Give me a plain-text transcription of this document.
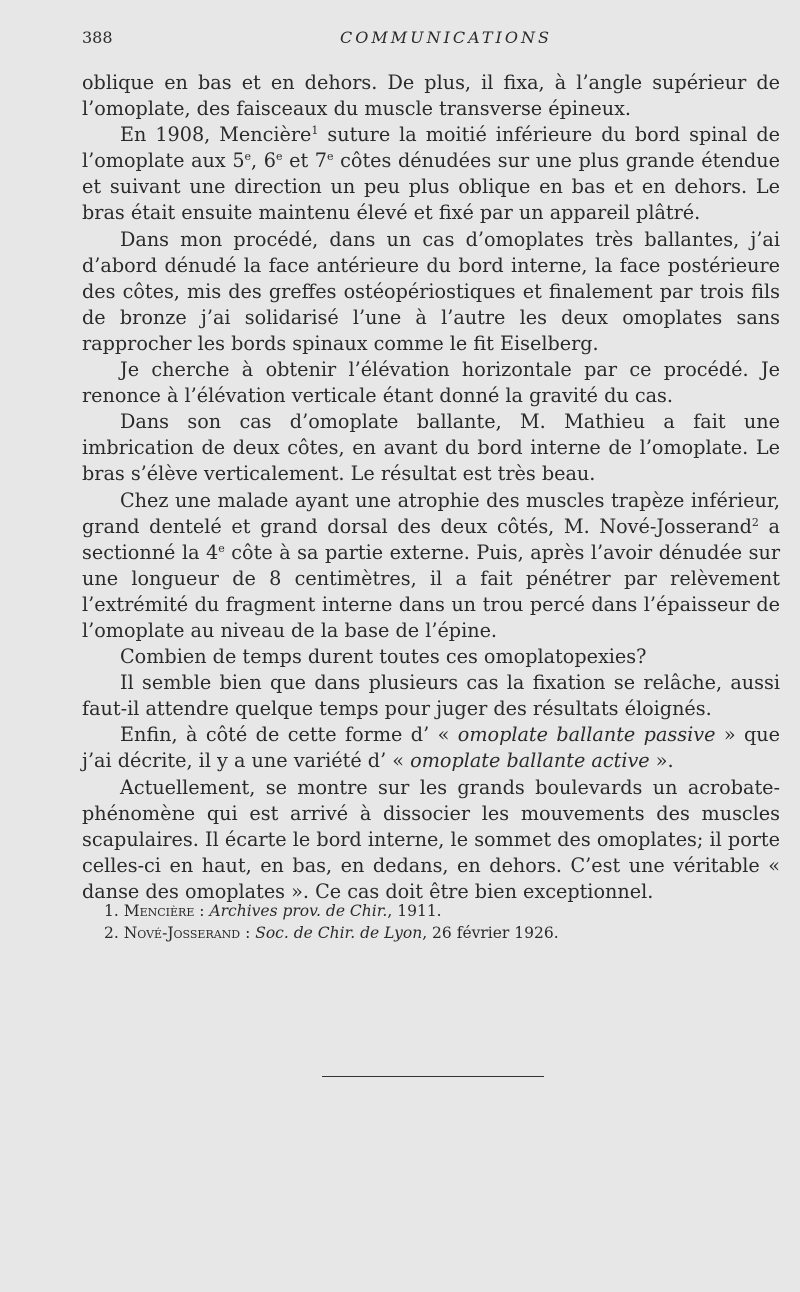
388	COMMUNICATIONS

oblique en bas et en dehors. De plus, il fixa, à l’angle supérieur de l’omoplate, des faisceaux du muscle transverse épineux.

En 1908, Mencière$^1$ suture la moitié inférieure du bord spinal de l’omoplate aux 5e, 6e et 7e côtes dénudées sur une plus grande étendue et suivant une direction un peu plus oblique en bas et en dehors. Le bras était ensuite maintenu élevé et fixé par un appareil plâtré.

Dans mon procédé, dans un cas d’omoplates très ballantes, j’ai d’abord dénudé la face antérieure du bord interne, la face postérieure des côtes, mis des greffes ostéopériostiques et finalement par trois fils de bronze j’ai solidarisé l’une à l’autre les deux omoplates sans rapprocher les bords spinaux comme le fit Eiselberg.

Je cherche à obtenir l’élévation horizontale par ce procédé. Je renonce à l’élévation verticale étant donné la gravité du cas.

Dans son cas d’omoplate ballante, M. Mathieu a fait une imbrication de deux côtes, en avant du bord interne de l’omoplate. Le bras s’élève verticalement. Le résultat est très beau.

Chez une malade ayant une atrophie des muscles trapèze inférieur, grand dentelé et grand dorsal des deux côtés, M. Nové-Josserand$^2$ a sectionné la 4e côte à sa partie externe. Puis, après l’avoir dénudée sur une longueur de 8 centimètres, il a fait pénétrer par relèvement l’extrémité du fragment interne dans un trou percé dans l’épaisseur de l’omoplate au niveau de la base de l’épine.

Combien de temps durent toutes ces omoplatopexies?

Il semble bien que dans plusieurs cas la fixation se relâche, aussi faut-il attendre quelque temps pour juger des résultats éloignés.

Enfin, à côté de cette forme d’ « omoplate ballante passive » que j’ai décrite, il y a une variété d’ « omoplate ballante active ».

Actuellement, se montre sur les grands boulevards un acrobate-phénomène qui est arrivé à dissocier les mouvements des muscles scapulaires. Il écarte le bord interne, le sommet des omoplates; il porte celles-ci en haut, en bas, en dedans, en dehors. C’est une véritable « danse des omoplates ». Ce cas doit être bien exceptionnel.

1. Mencière : Archives prov. de Chir., 1911.

2. Nové-Josserand : Soc. de Chir. de Lyon, 26 février 1926.
